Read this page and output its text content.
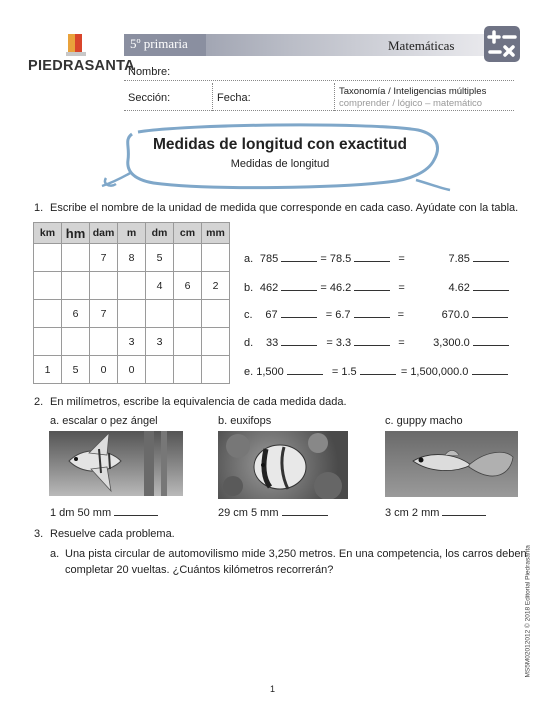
PIEDRASANTA
5º primaria	Matemáticas
Nombre:
Sección:	Fecha:
Taxonomía / Inteligencias múltiples
comprender / lógico – matemático
Medidas de longitud con exactitud
Medidas de longitud
1. Escribe el nombre de la unidad de medida que corresponde en cada caso. Ayúdate con la tabla.
km	hm	dam	m	dm	cm	mm
		7	8	5		
				4	6	2
	6	7				
			3	3		
1	5	0	0			
a. 785	= 78.5	=	7.85
b. 462	= 46.2	=	4.62
c. 67	= 6.7	=	670.0
d. 33	= 3.3	=	3,300.0
e. 1,500	= 1.5	= 1,500,000.0
2. En milímetros, escribe la equivalencia de cada medida dada.
a. escalar o pez ángel	b. euxifops	c. guppy macho
1 dm 50 mm	29 cm 5 mm	3 cm 2 mm
3. Resuelve cada problema.
a. Una pista circular de automovilismo mide 3,250 metros. En una competencia, los carros deben
completar 20 vueltas. ¿Cuántos kilómetros recorrerán?	MS5M02012012 © 2018 Editorial Piedrasanta
1
